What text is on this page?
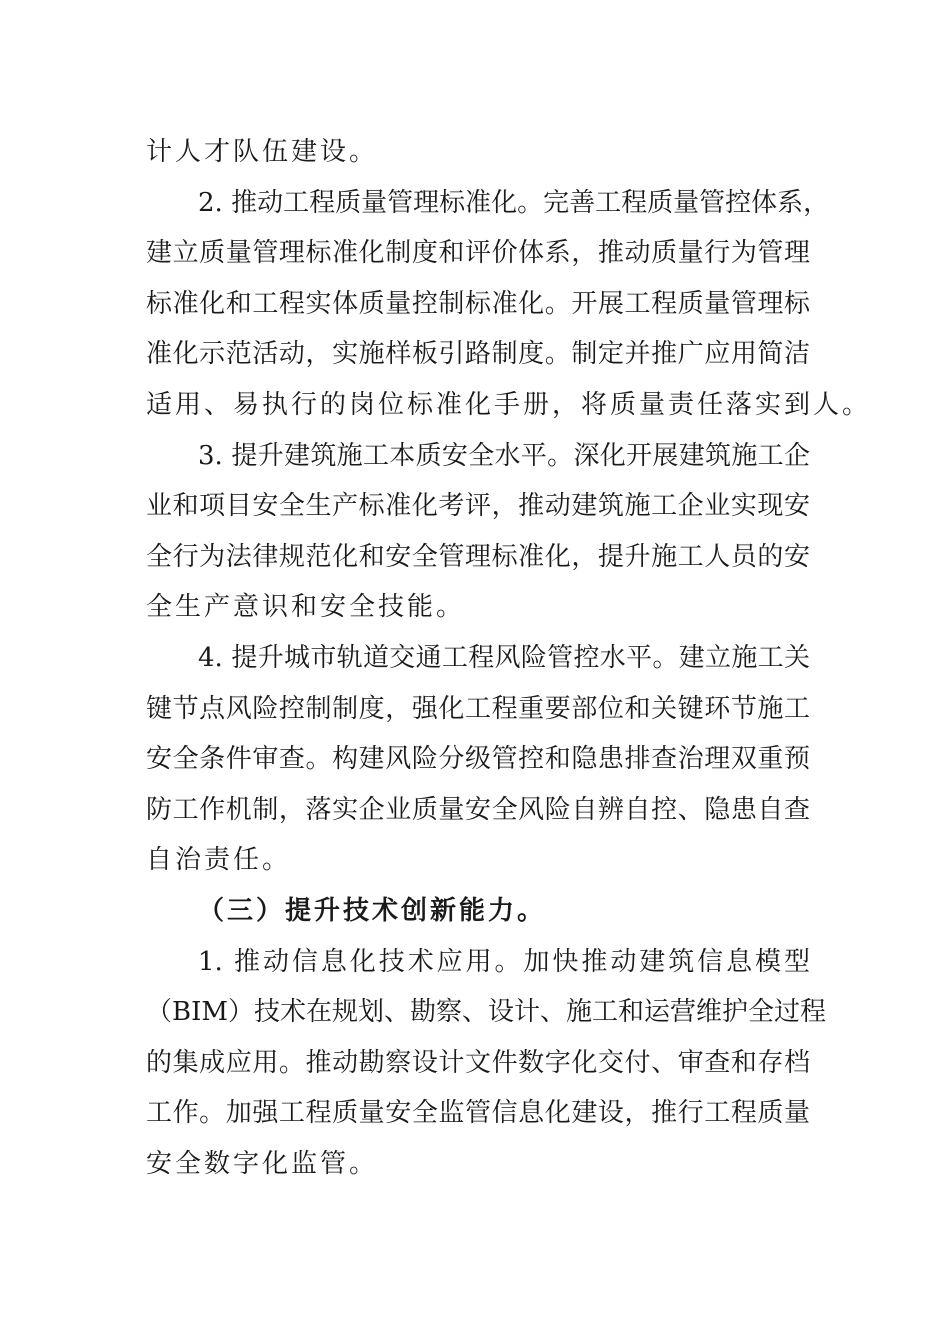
计人才队伍建设。
2. 推动工程质量管理标准化。完善工程质量管控体系，
建立质量管理标准化制度和评价体系，推动质量行为管理
标准化和工程实体质量控制标准化。开展工程质量管理标
准化示范活动，实施样板引路制度。制定并推广应用简洁
适用、易执行的岗位标准化手册，将质量责任落实到人。
3. 提升建筑施工本质安全水平。深化开展建筑施工企
业和项目安全生产标准化考评，推动建筑施工企业实现安
全行为法律规范化和安全管理标准化，提升施工人员的安
全生产意识和安全技能。
4. 提升城市轨道交通工程风险管控水平。建立施工关
键节点风险控制制度，强化工程重要部位和关键环节施工
安全条件审查。构建风险分级管控和隐患排查治理双重预
防工作机制，落实企业质量安全风险自辨自控、隐患自查
自治责任。
（三）提升技术创新能力。
1. 推动信息化技术应用。加快推动建筑信息模型
（BIM）技术在规划、勘察、设计、施工和运营维护全过程
的集成应用。推动勘察设计文件数字化交付、审查和存档
工作。加强工程质量安全监管信息化建设，推行工程质量
安全数字化监管。
